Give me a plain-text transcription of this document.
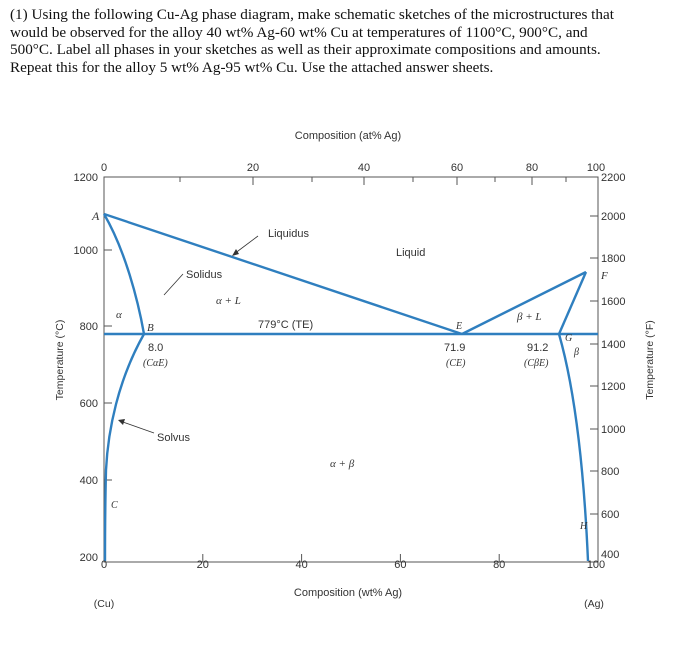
(1) Using the following Cu-Ag phase diagram, make schematic sketches of the microstructures that

would be observed for the alloy 40 wt% Ag-60 wt% Cu at temperatures of 1100°C, 900°C, and

500°C. Label all phases in your sketches as well as their approximate compositions and amounts.

Repeat this for the alloy 5 wt% Ag-95 wt% Cu. Use the attached answer sheets.

Composition (at% Ag)
Composition (wt% Ag)
Temperature (°C)	Temperature (°F)
0	20	40	60	80	100
0	20	40	60	80	100
(Cu)	(Ag)
1200
1000
800
600
400
200
2200
2000
1800
1600
1400
1200
1000
800
600
400
A
B
C
E
F
G
H
Liquidus
Liquid
Solidus
Solvus
α
β
α + L
β + L
α + β
779°C (TE)
8.0
(CαE)
71.9
(CE)
91.2
(CβE)
